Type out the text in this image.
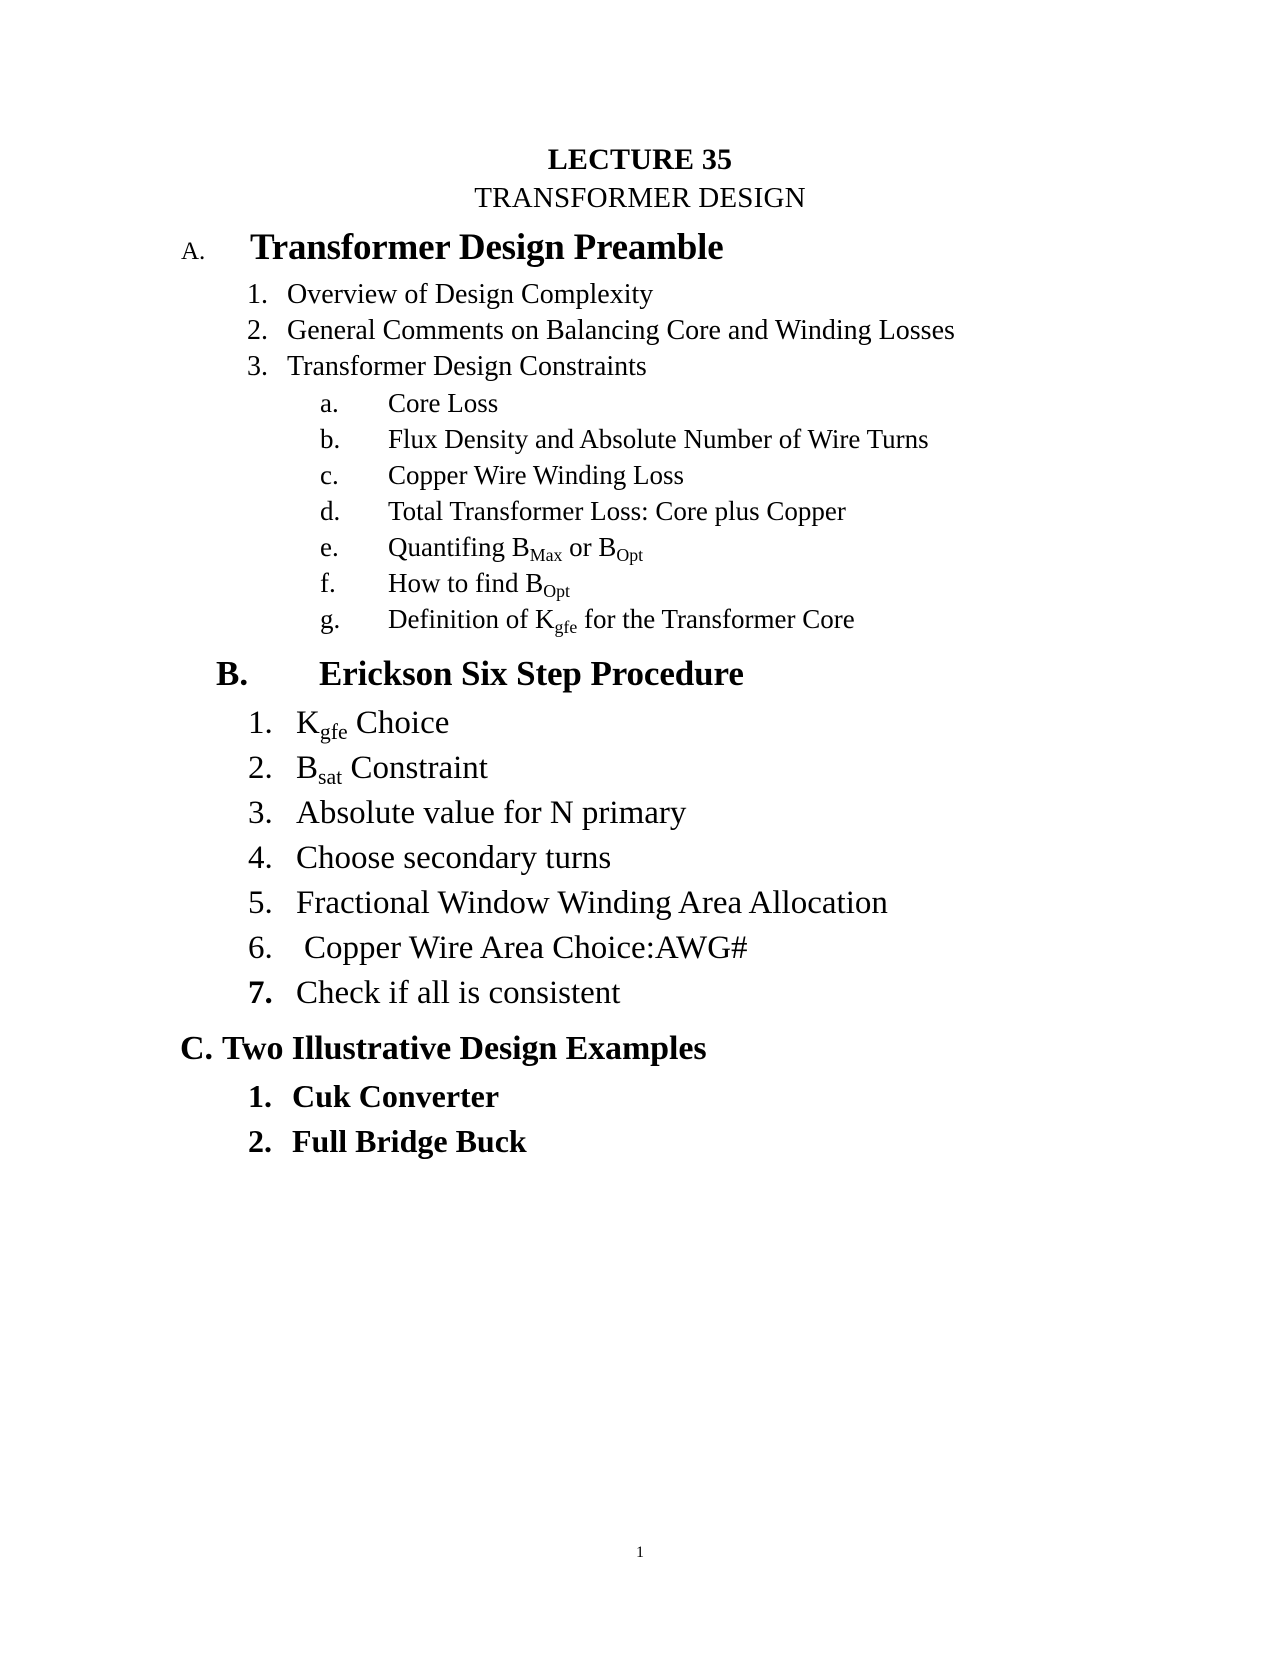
LECTURE 35
TRANSFORMER DESIGN
A.	Transformer Design Preamble
1. Overview of Design Complexity
2. General Comments on Balancing Core and Winding Losses
3. Transformer Design Constraints
a.	Core Loss
b.	Flux Density and Absolute Number of Wire Turns
c.	Copper Wire Winding Loss
d.	Total Transformer Loss: Core plus Copper
e.	Quantifing $B_{Max}$ or $B_{Opt}$
f.	How to find $B_{Opt}$
g.	Definition of $K_{gfe}$ for the Transformer Core
B.	Erickson Six Step Procedure
1. $K_{gfe}$ Choice
2. $B_{sat}$ Constraint
3. Absolute value for N primary
4. Choose secondary turns
5. Fractional Window Winding Area Allocation
6. Copper Wire Area Choice:AWG#
7. Check if all is consistent
C. Two Illustrative Design Examples
1. Cuk Converter
2. Full Bridge Buck
1
